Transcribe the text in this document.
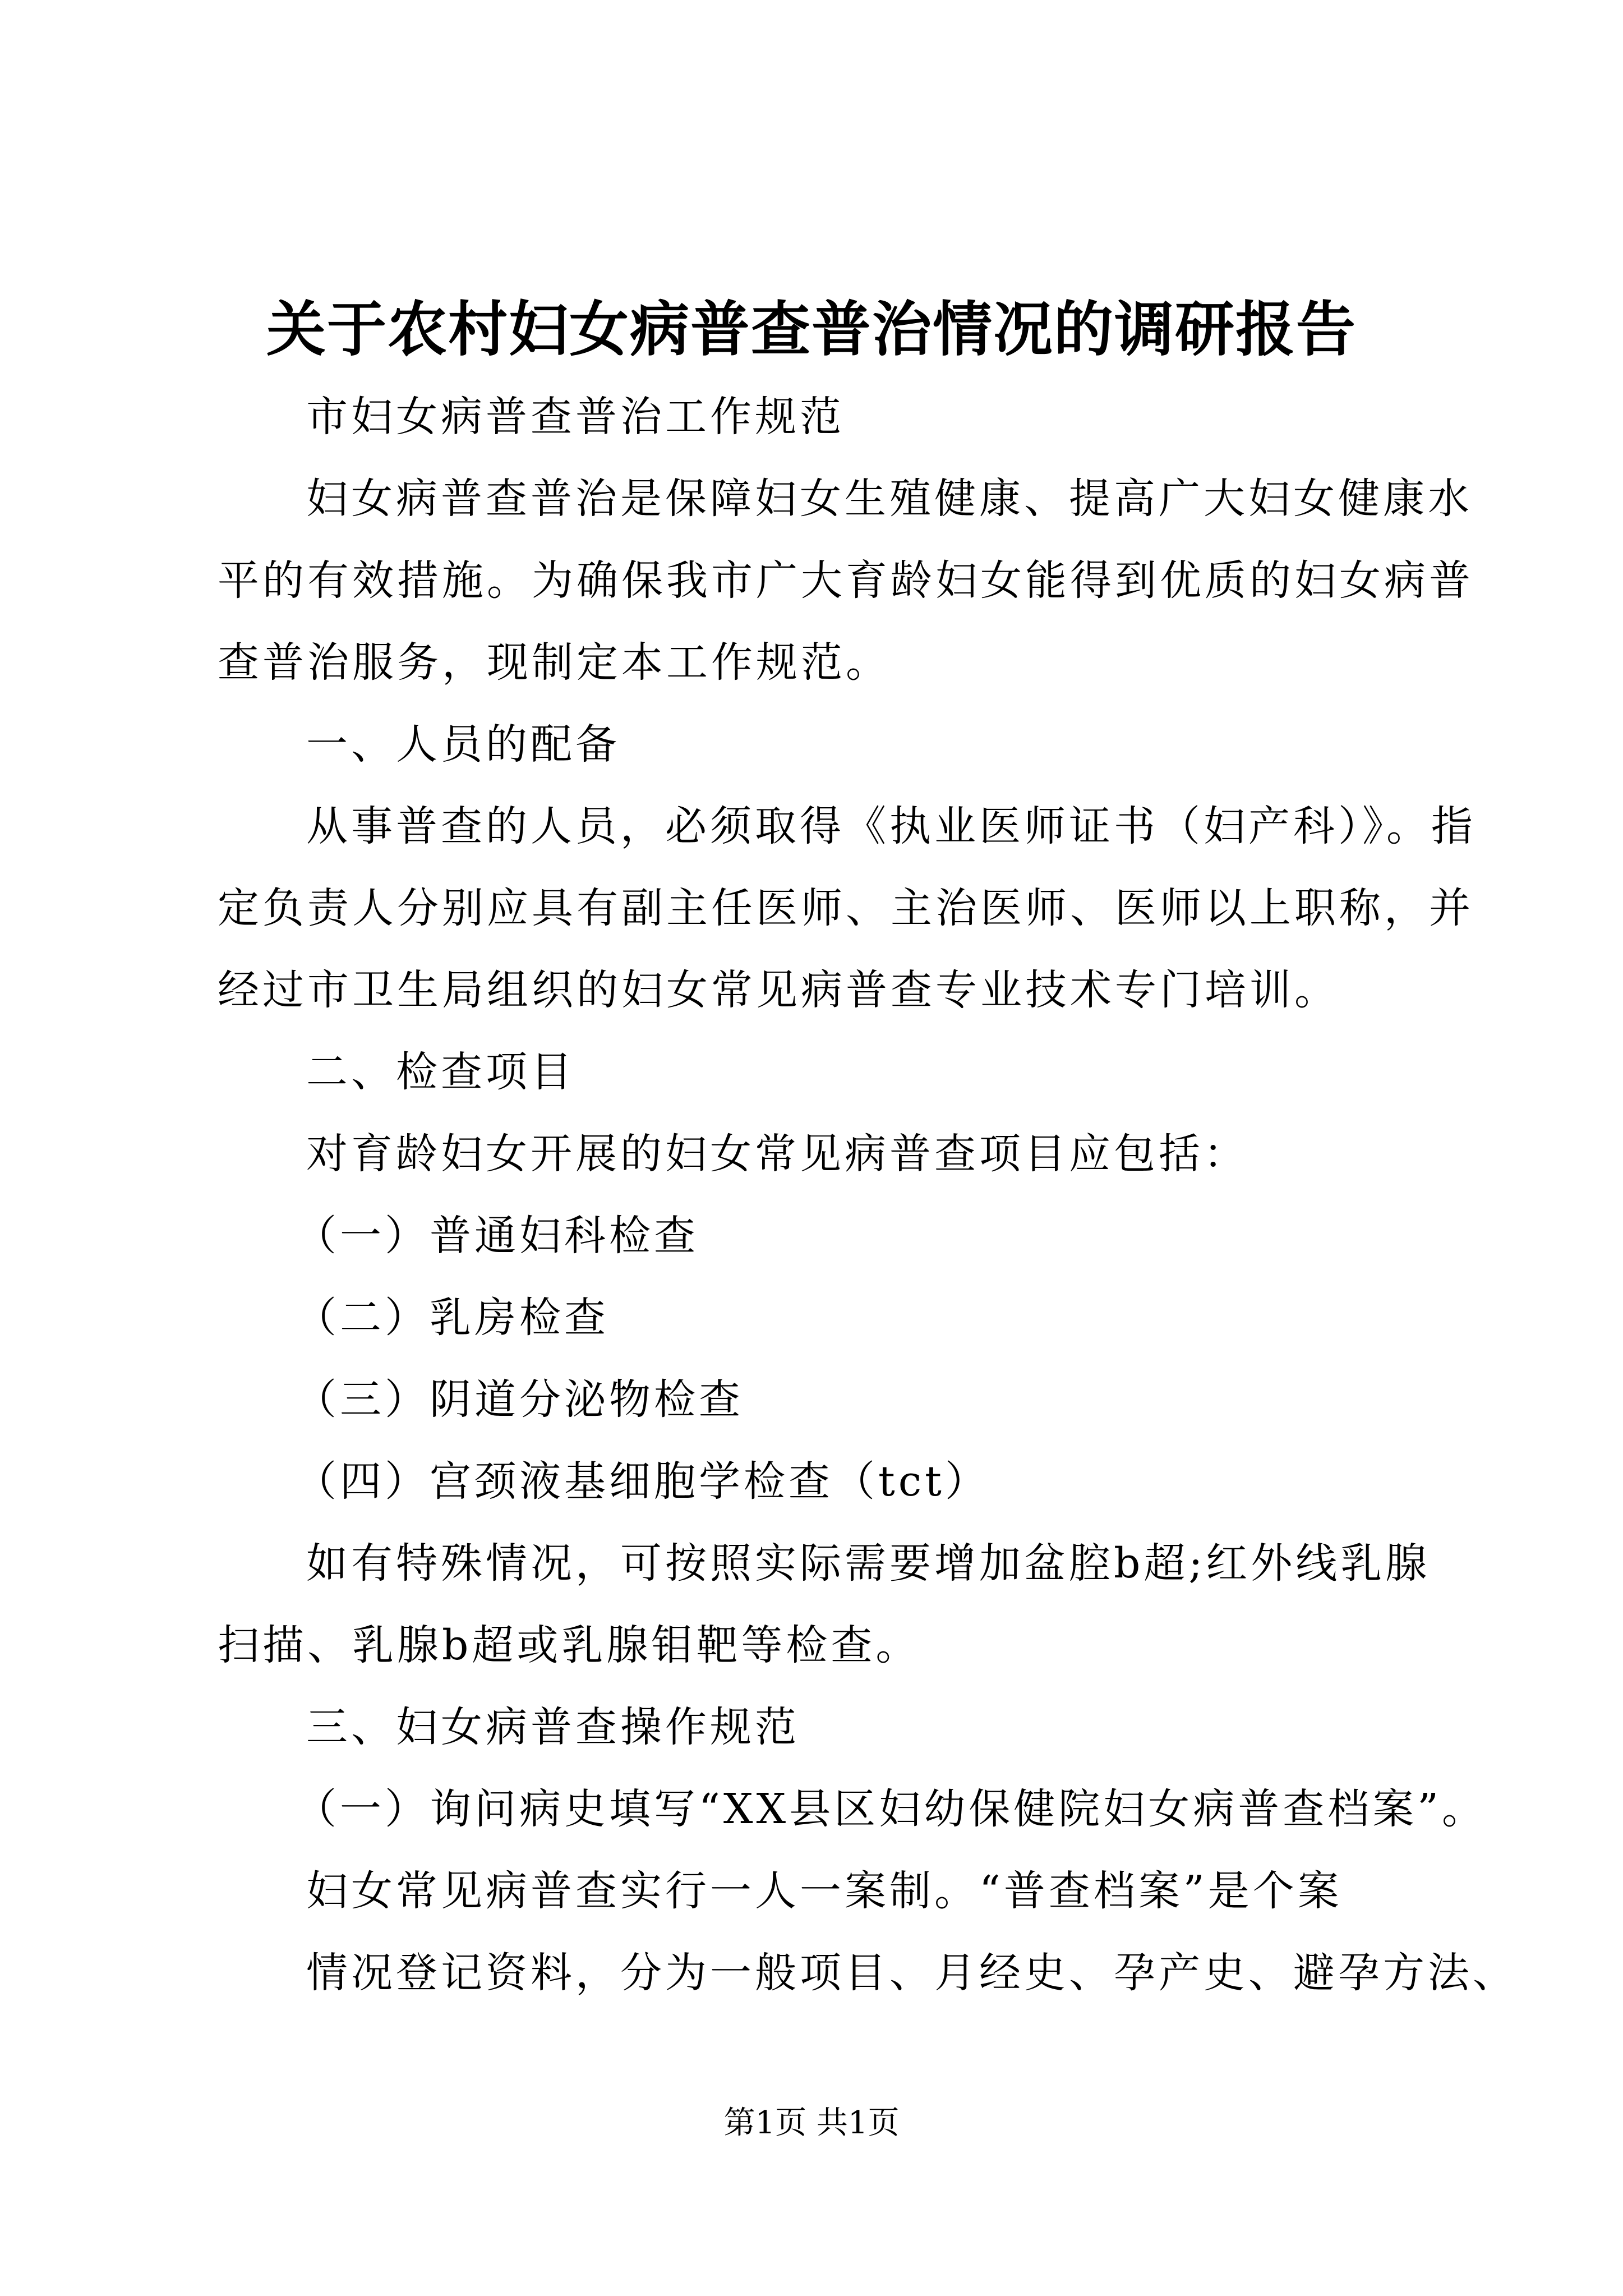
关于农村妇女病普查普治情况的调研报告
市妇女病普查普治工作规范
妇女病普查普治是保障妇女生殖健康、提高广大妇女健康水
平的有效措施。为确保我市广大育龄妇女能得到优质的妇女病普
查普治服务，现制定本工作规范。
一、人员的配备
从事普查的人员，必须取得《执业医师证书（妇产科）》。指
定负责人分别应具有副主任医师、主治医师、医师以上职称，并
经过市卫生局组织的妇女常见病普查专业技术专门培训。
二、检查项目
对育龄妇女开展的妇女常见病普查项目应包括：
（一）普通妇科检查
（二）乳房检查
（三）阴道分泌物检查
（四）宫颈液基细胞学检查（tct）
如有特殊情况，可按照实际需要增加盆腔b超;红外线乳腺
扫描、乳腺b超或乳腺钼靶等检查。
三、妇女病普查操作规范
（一）询问病史填写“XX县区妇幼保健院妇女病普查档案”。
妇女常见病普查实行一人一案制。“普查档案”是个案
情况登记资料，分为一般项目、月经史、孕产史、避孕方法、
第1页 共1页
